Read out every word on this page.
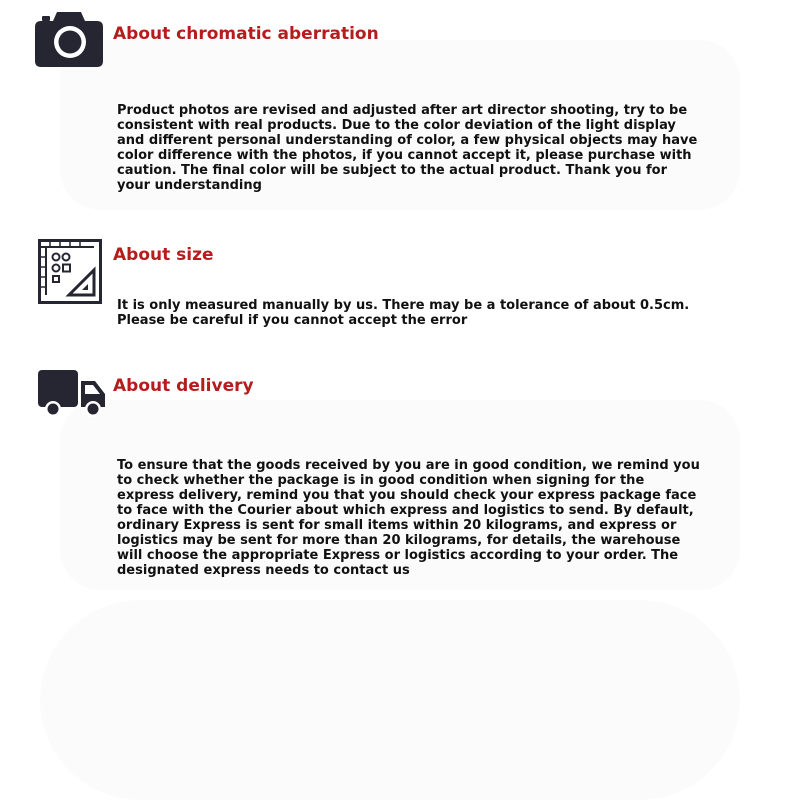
About chromatic aberration

Product photos are revised and adjusted after art director shooting, try to be consistent with real products. Due to the color deviation of the light display and different personal understanding of color, a few physical objects may have color difference with the photos, if you cannot accept it, please purchase with caution. The final color will be subject to the actual product. Thank you for your understanding

About size

It is only measured manually by us. There may be a tolerance of about 0.5cm. Please be careful if you cannot accept the error

About delivery

To ensure that the goods received by you are in good condition, we remind you to check whether the package is in good condition when signing for the express delivery, remind you that you should check your express package face to face with the Courier about which express and logistics to send. By default, ordinary Express is sent for small items within 20 kilograms, and express or logistics may be sent for more than 20 kilograms, for details, the warehouse will choose the appropriate Express or logistics according to your order. The designated express needs to contact us
